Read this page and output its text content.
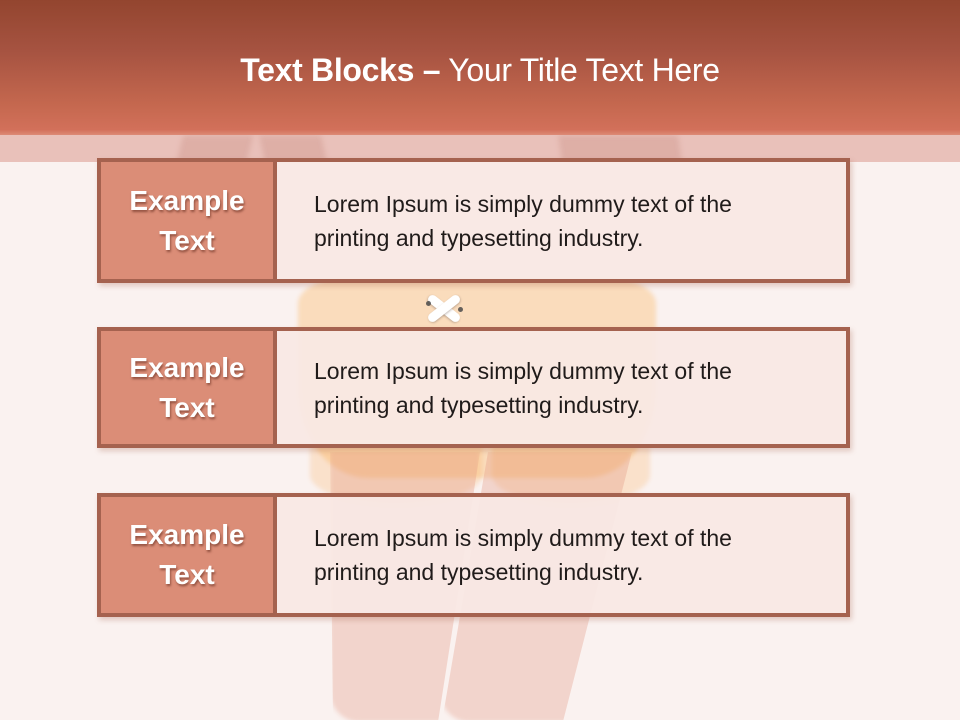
Text Blocks – Your Title Text Here
Example
Text
Lorem Ipsum is simply dummy text of the
printing and typesetting industry.
Example
Text
Lorem Ipsum is simply dummy text of the
printing and typesetting industry.
Example
Text
Lorem Ipsum is simply dummy text of the
printing and typesetting industry.
